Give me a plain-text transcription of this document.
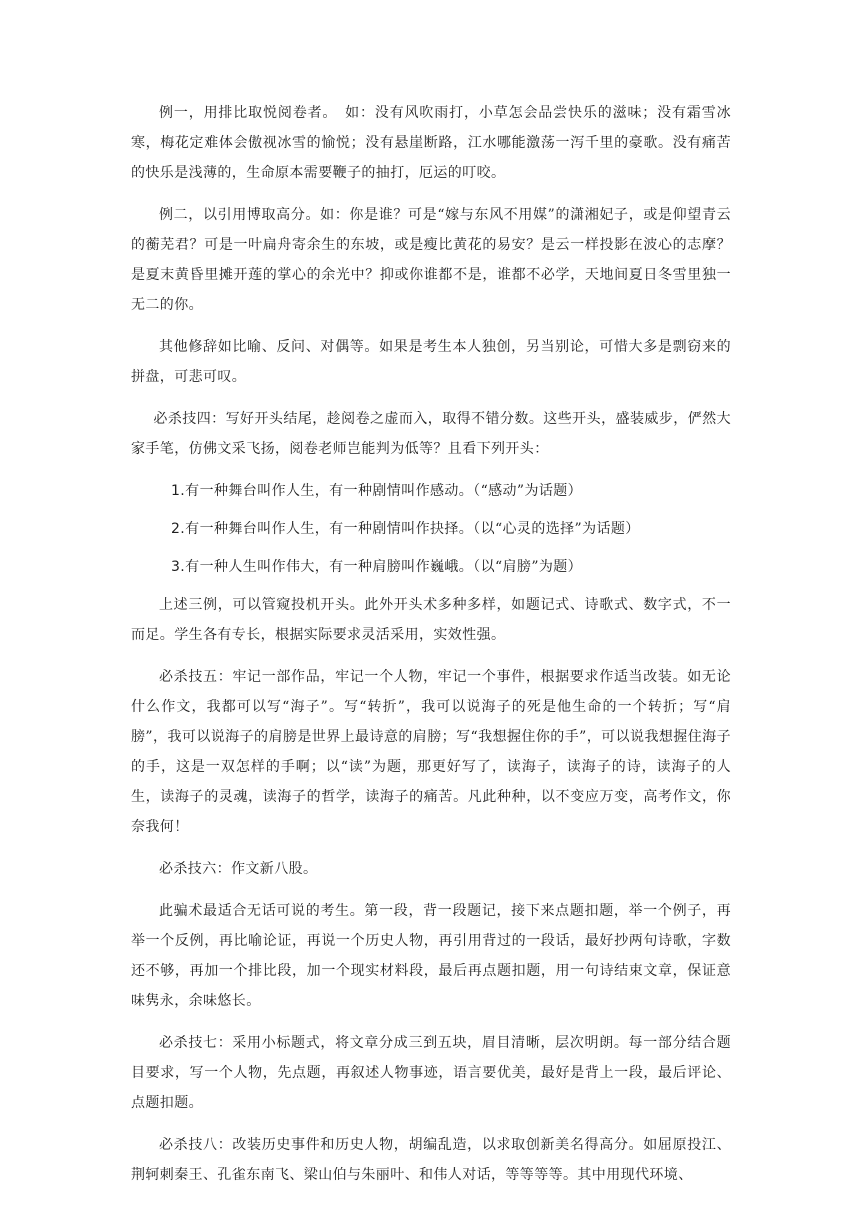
例一，用排比取悦阅卷者。　如：没有风吹雨打，小草怎会品尝快乐的滋味；没有霜雪冰寒，梅花定难体会傲视冰雪的愉悦；没有悬崖断路，江水哪能激荡一泻千里的豪歌。没有痛苦的快乐是浅薄的，生命原本需要鞭子的抽打，厄运的叮咬。

例二，以引用博取高分。如：你是谁？可是“嫁与东风不用媒”的潇湘妃子，或是仰望青云的蘅芜君？可是一叶扁舟寄余生的东坡，或是瘦比黄花的易安？是云一样投影在波心的志摩？是夏末黄昏里摊开莲的掌心的余光中？抑或你谁都不是，谁都不必学，天地间夏日冬雪里独一无二的你。

其他修辞如比喻、反问、对偶等。如果是考生本人独创，另当别论，可惜大多是剽窃来的拼盘，可悲可叹。

必杀技四：写好开头结尾，趁阅卷之虚而入，取得不错分数。这些开头，盛装威步，俨然大家手笔，仿佛文采飞扬，阅卷老师岂能判为低等？且看下列开头：

1.有一种舞台叫作人生，有一种剧情叫作感动。（“感动”为话题）
2.有一种舞台叫作人生，有一种剧情叫作抉择。（以“心灵的选择”为话题）
3.有一种人生叫作伟大，有一种肩膀叫作巍峨。（以“肩膀”为题）

上述三例，可以管窥投机开头。此外开头术多种多样，如题记式、诗歌式、数字式，不一而足。学生各有专长，根据实际要求灵活采用，实效性强。

必杀技五：牢记一部作品，牢记一个人物，牢记一个事件，根据要求作适当改装。如无论什么作文，我都可以写“海子”。写“转折”，我可以说海子的死是他生命的一个转折；写“肩膀”，我可以说海子的肩膀是世界上最诗意的肩膀；写“我想握住你的手”，可以说我想握住海子的手，这是一双怎样的手啊；以“读”为题，那更好写了，读海子，读海子的诗，读海子的人生，读海子的灵魂，读海子的哲学，读海子的痛苦。凡此种种，以不变应万变，高考作文，你奈我何！

必杀技六：作文新八股。

此骗术最适合无话可说的考生。第一段，背一段题记，接下来点题扣题，举一个例子，再举一个反例，再比喻论证，再说一个历史人物，再引用背过的一段话，最好抄两句诗歌，字数还不够，再加一个排比段，加一个现实材料段，最后再点题扣题，用一句诗结束文章，保证意味隽永，余味悠长。

必杀技七：采用小标题式，将文章分成三到五块，眉目清晰，层次明朗。每一部分结合题目要求，写一个人物，先点题，再叙述人物事迹，语言要优美，最好是背上一段，最后评论、点题扣题。

必杀技八：改装历史事件和历史人物，胡编乱造，以求取创新美名得高分。如屈原投江、荆轲刺秦王、孔雀东南飞、梁山伯与朱丽叶、和伟人对话，等等等等。其中用现代环境、
